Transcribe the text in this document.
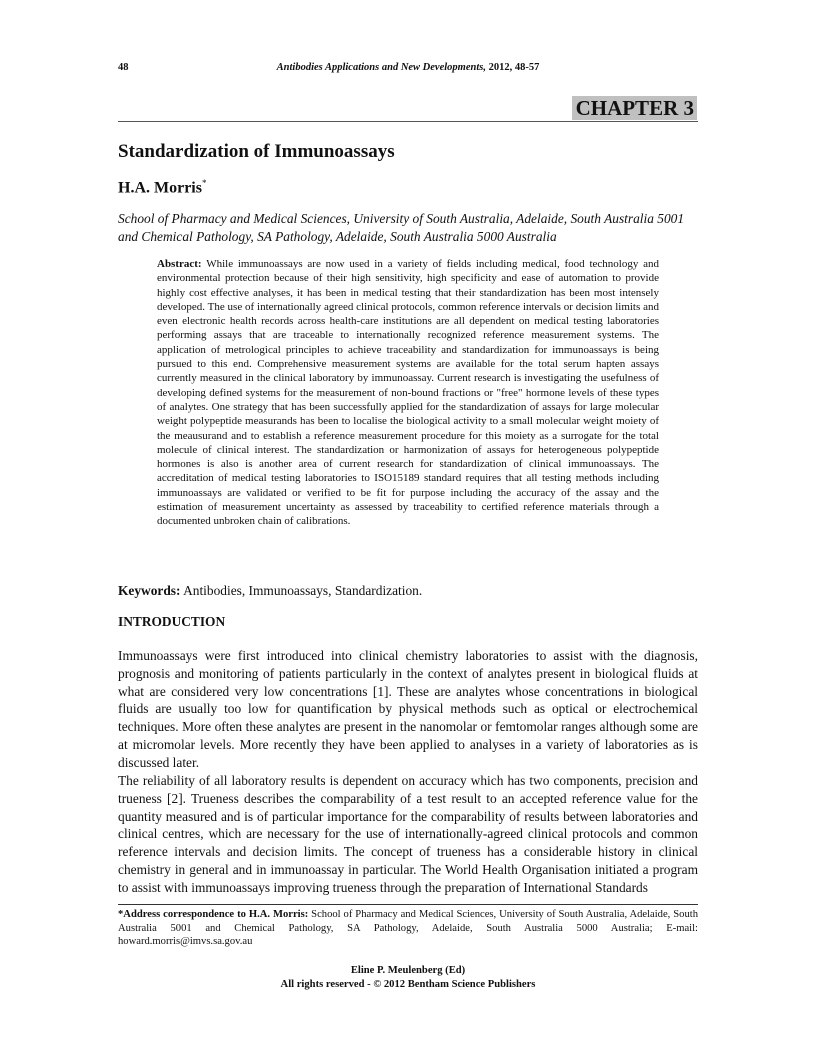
48	Antibodies Applications and New Developments, 2012, 48-57
CHAPTER 3
Standardization of Immunoassays
H.A. Morris*
School of Pharmacy and Medical Sciences, University of South Australia, Adelaide, South Australia 5001 and Chemical Pathology, SA Pathology, Adelaide, South Australia 5000 Australia
Abstract: While immunoassays are now used in a variety of fields including medical, food technology and environmental protection because of their high sensitivity, high specificity and ease of automation to provide highly cost effective analyses, it has been in medical testing that their standardization has been most intensely developed. The use of internationally agreed clinical protocols, common reference intervals or decision limits and even electronic health records across health-care institutions are all dependent on medical testing laboratories performing assays that are traceable to internationally recognized reference measurement systems. The application of metrological principles to achieve traceability and standardization for immunoassays is being pursued to this end. Comprehensive measurement systems are available for the total serum hapten assays currently measured in the clinical laboratory by immunoassay. Current research is investigating the usefulness of developing defined systems for the measurement of non-bound fractions or "free" hormone levels of these types of analytes. One strategy that has been successfully applied for the standardization of assays for large molecular weight polypeptide measurands has been to localise the biological activity to a small molecular weight moiety of the meausurand and to establish a reference measurement procedure for this moiety as a surrogate for the total molecule of clinical interest. The standardization or harmonization of assays for heterogeneous polypeptide hormones is also is another area of current research for standardization of clinical immunoassays. The accreditation of medical testing laboratories to ISO15189 standard requires that all testing methods including immunoassays are validated or verified to be fit for purpose including the accuracy of the assay and the estimation of measurement uncertainty as assessed by traceability to certified reference materials through a documented unbroken chain of calibrations.
Keywords: Antibodies, Immunoassays, Standardization.
INTRODUCTION
Immunoassays were first introduced into clinical chemistry laboratories to assist with the diagnosis, prognosis and monitoring of patients particularly in the context of analytes present in biological fluids at what are considered very low concentrations [1]. These are analytes whose concentrations in biological fluids are usually too low for quantification by physical methods such as optical or electrochemical techniques. More often these analytes are present in the nanomolar or femtomolar ranges although some are at micromolar levels. More recently they have been applied to analyses in a variety of laboratories as is discussed later.
The reliability of all laboratory results is dependent on accuracy which has two components, precision and trueness [2]. Trueness describes the comparability of a test result to an accepted reference value for the quantity measured and is of particular importance for the comparability of results between laboratories and clinical centres, which are necessary for the use of internationally-agreed clinical protocols and common reference intervals and decision limits. The concept of trueness has a considerable history in clinical chemistry in general and in immunoassay in particular. The World Health Organisation initiated a program to assist with immunoassays improving trueness through the preparation of International Standards
*Address correspondence to H.A. Morris: School of Pharmacy and Medical Sciences, University of South Australia, Adelaide, South Australia 5001 and Chemical Pathology, SA Pathology, Adelaide, South Australia 5000 Australia; E-mail: howard.morris@imvs.sa.gov.au
Eline P. Meulenberg (Ed)
All rights reserved - © 2012 Bentham Science Publishers
